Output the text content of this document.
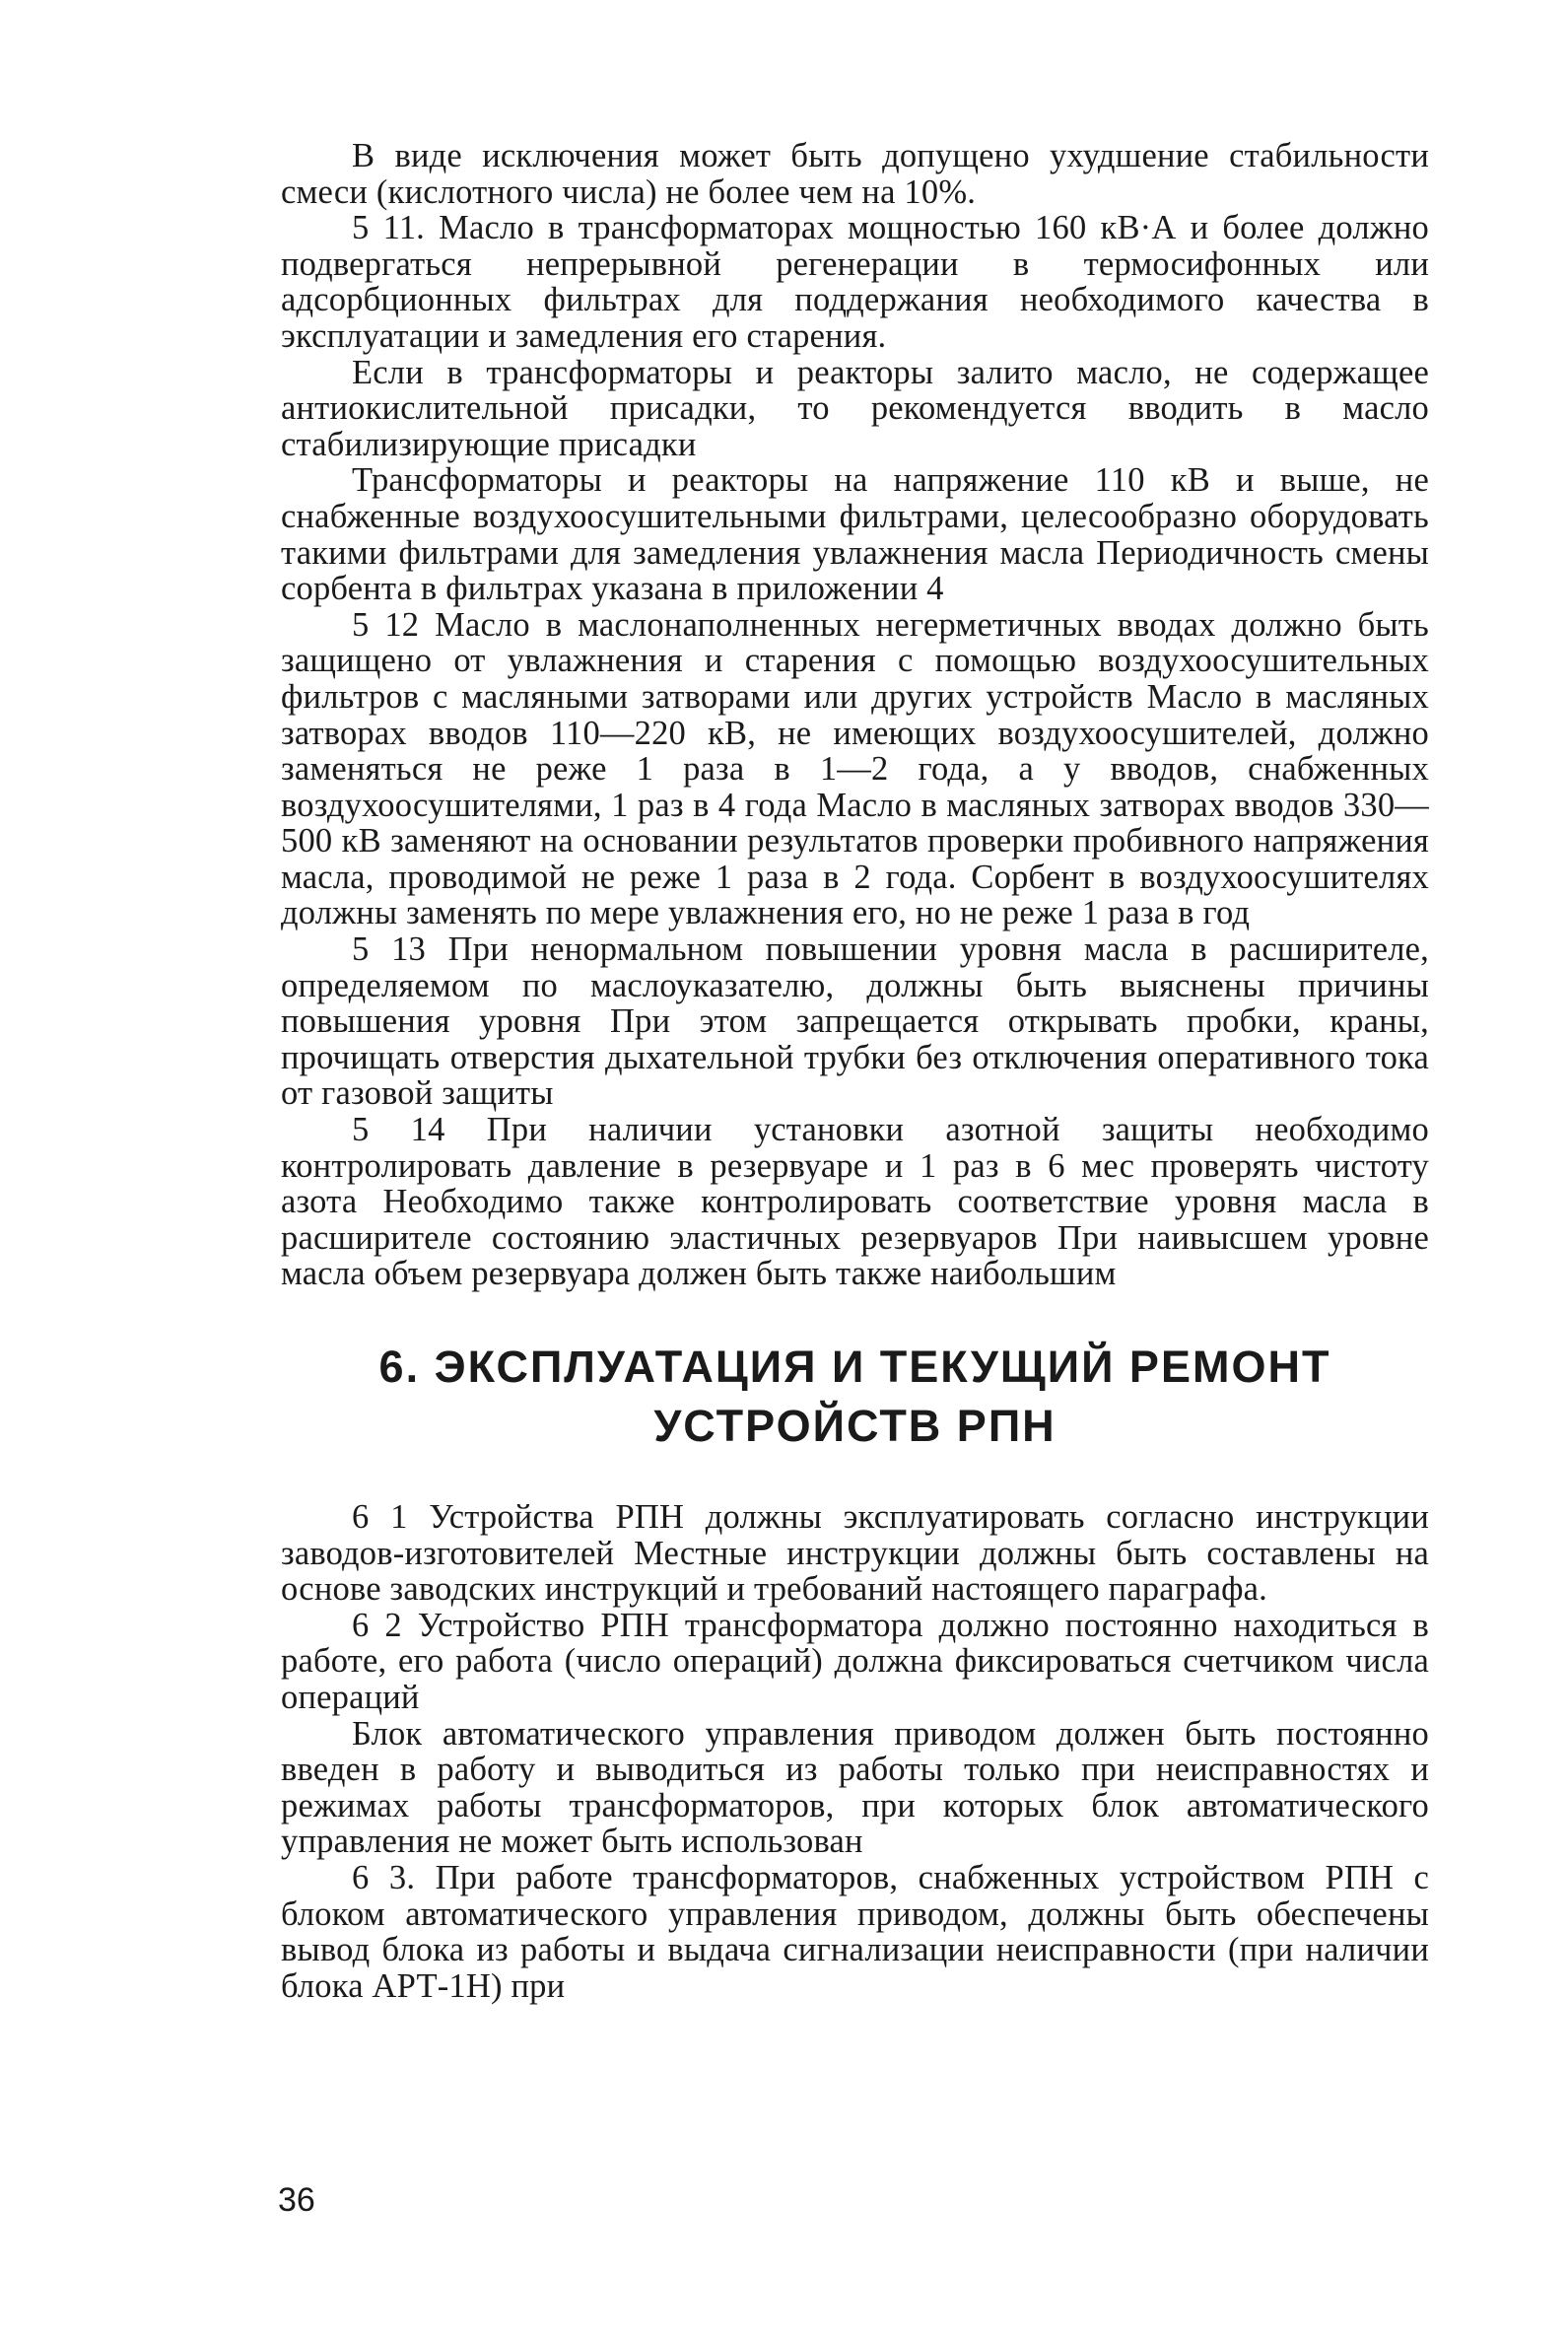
В виде исключения может быть допущено ухудшение стабильности смеси (кислотного числа) не более чем на 10%.

5 11. Масло в трансформаторах мощностью 160 кВ·А и более должно подвергаться непрерывной регенерации в термосифонных или адсорбционных фильтрах для поддержания необходимого качества в эксплуатации и замедления его старения.

Если в трансформаторы и реакторы залито масло, не содержащее антиокислительной присадки, то рекомендуется вводить в масло стабилизирующие присадки

Трансформаторы и реакторы на напряжение 110 кВ и выше, не снабженные воздухоосушительными фильтрами, целесообразно оборудовать такими фильтрами для замедления увлажнения масла Периодичность смены сорбента в фильтрах указана в приложении 4

5 12 Масло в маслонаполненных негерметичных вводах должно быть защищено от увлажнения и старения с помощью воздухоосушительных фильтров с масляными затворами или других устройств Масло в масляных затворах вводов 110—220 кВ, не имеющих воздухоосушителей, должно заменяться не реже 1 раза в 1—2 года, а у вводов, снабженных воздухоосушителями, 1 раз в 4 года Масло в масляных затворах вводов 330—500 кВ заменяют на основании результатов проверки пробивного напряжения масла, проводимой не реже 1 раза в 2 года. Сорбент в воздухоосушителях должны заменять по мере увлажнения его, но не реже 1 раза в год

5 13 При ненормальном повышении уровня масла в расширителе, определяемом по маслоуказателю, должны быть выяснены причины повышения уровня При этом запрещается открывать пробки, краны, прочищать отверстия дыхательной трубки без отключения оперативного тока от газовой защиты

5 14 При наличии установки азотной защиты необходимо контролировать давление в резервуаре и 1 раз в 6 мес проверять чистоту азота Необходимо также контролировать соответствие уровня масла в расширителе состоянию эластичных резервуаров При наивысшем уровне масла объем резервуара должен быть также наибольшим

6. ЭКСПЛУАТАЦИЯ И ТЕКУЩИЙ РЕМОНТ
УСТРОЙСТВ РПН

6 1 Устройства РПН должны эксплуатировать согласно инструкции заводов-изготовителей Местные инструкции должны быть составлены на основе заводских инструкций и требований настоящего параграфа.

6 2 Устройство РПН трансформатора должно постоянно находиться в работе, его работа (число операций) должна фиксироваться счетчиком числа операций

Блок автоматического управления приводом должен быть постоянно введен в работу и выводиться из работы только при неисправностях и режимах работы трансформаторов, при которых блок автоматического управления не может быть использован

6 3. При работе трансформаторов, снабженных устройством РПН с блоком автоматического управления приводом, должны быть обеспечены вывод блока из работы и выдача сигнализации неисправности (при наличии блока АРТ-1Н) при

36
